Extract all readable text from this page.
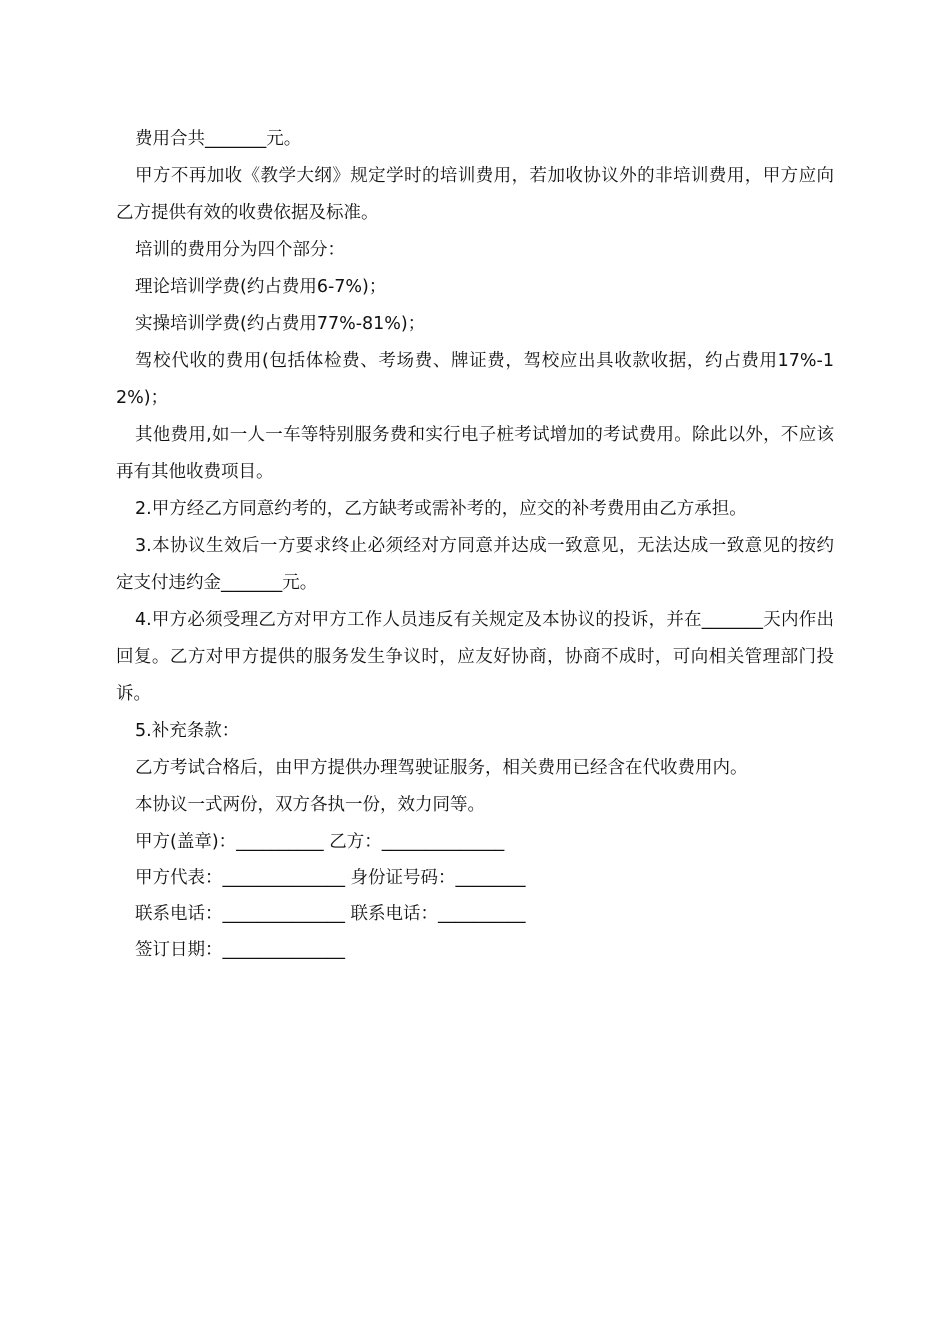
费用合共_______元。

甲方不再加收《教学大纲》规定学时的培训费用，若加收协议外的非培训费用，甲方应向乙方提供有效的收费依据及标准。

培训的费用分为四个部分：

理论培训学费(约占费用6-7%)；

实操培训学费(约占费用77%-81%)；

驾校代收的费用(包括体检费、考场费、牌证费，驾校应出具收款收据，约占费用17%-12%)；

其他费用,如一人一车等特别服务费和实行电子桩考试增加的考试费用。除此以外，不应该再有其他收费项目。

2.甲方经乙方同意约考的，乙方缺考或需补考的，应交的补考费用由乙方承担。

3.本协议生效后一方要求终止必须经对方同意并达成一致意见，无法达成一致意见的按约定支付违约金_______元。

4.甲方必须受理乙方对甲方工作人员违反有关规定及本协议的投诉，并在_______天内作出回复。乙方对甲方提供的服务发生争议时，应友好协商，协商不成时，可向相关管理部门投诉。

5.补充条款：

乙方考试合格后，由甲方提供办理驾驶证服务，相关费用已经含在代收费用内。

本协议一式两份，双方各执一份，效力同等。

甲方(盖章)：__________ 乙方：______________

甲方代表：______________ 身份证号码：________

联系电话：______________ 联系电话：__________

签订日期：______________
